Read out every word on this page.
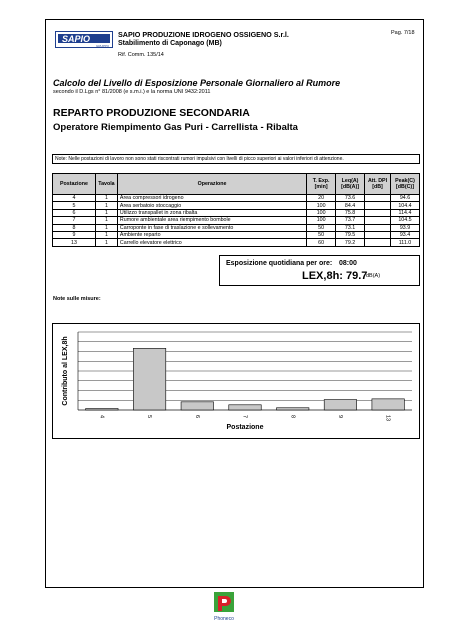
SAPIO
GRUPPO
SAPIO PRODUZIONE IDROGENO OSSIGENO S.r.l.
Stabilimento di Caponago (MB)
Rif. Comm. 135/14
Pag. 7/18
Calcolo del Livello di Esposizione Personale Giornaliero al Rumore
secondo il D.Lgs n° 81/2008 (e s.m.i.) e la norma UNI 9432:2011
REPARTO PRODUZIONE SECONDARIA
Operatore Riempimento Gas Puri - Carrellista - Ribalta
Note: Nelle postazioni di lavoro non sono stati riscontrati rumori impulsivi con livelli di picco superiori ai valori inferiori di attenzione.
Postazione	Tavola	Operazione	T. Exp. [min]	Leq(A) [dB(A)]	Att. DPI [dB]	Peak(C) [dB(C)]
4	1	Area compressori idrogeno	20	73.6		94.6
5	1	Area serbatoio stoccaggio	100	84.4		104.4
6	1	Utilizzo transpallet in zona ribalta	100	75.8		114.4
7	1	Rumore ambientale area riempimento bombole	100	73.7		104.5
8	1	Carroponte in fase di traslazione e sollevamento	50	73.1		93.9
9	1	Ambiente reparto	50	79.5		93.4
13	1	Carrello elevatore elettrico	60	79.2		111.0
Esposizione quotidiana per ore: 08:00
LEX,8h: 79.7
dB(A)
Note sulle misure:
4	5	6	7	8	9	13
Postazione
Contributo al LEX,8h
Phoneco
